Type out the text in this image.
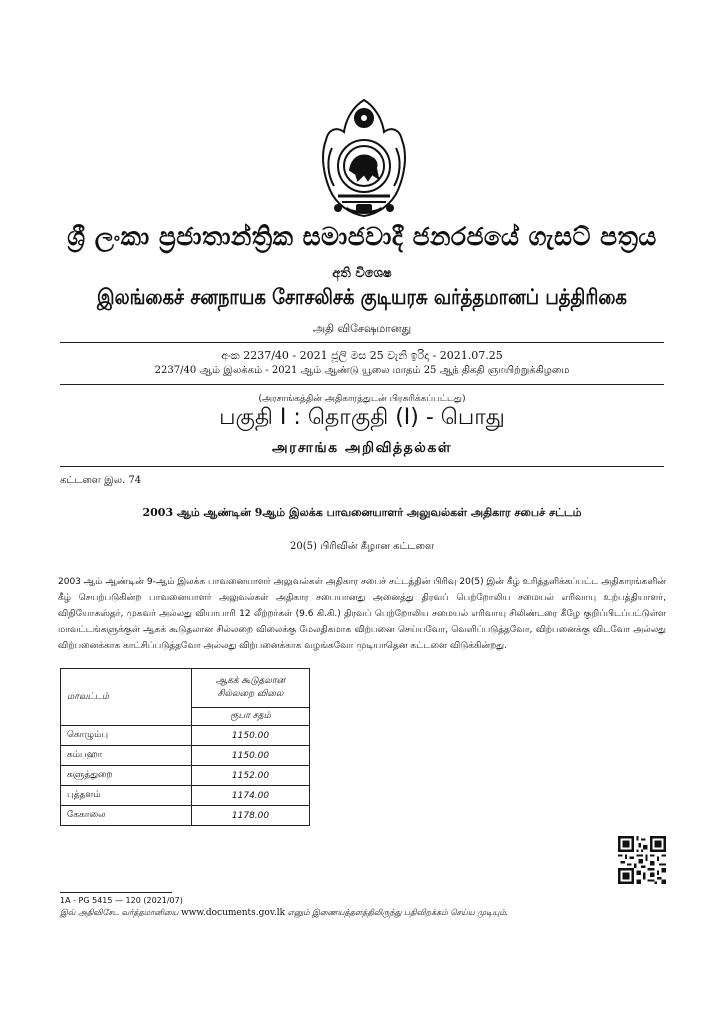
ශ්‍රී ලංකා ප්‍රජාතාන්ත්‍රික සමාජවාදී ජනරජයේ ගැසට් පත්‍රය
අති විශෙෂ
இலங்கைச் சனநாயக சோசலிசக் குடியரசு வர்த்தமானப் பத்திரிகை
அதி விசேஷமானது
අංක 2237/40 - 2021 ජූලි මස 25 වැනි ඉරිදා - 2021.07.25
2237/40 ஆம் இலக்கம் - 2021 ஆம் ஆண்டு யூலை மாதம் 25 ஆந் திகதி ஞாயிற்றுக்கிழமை
(அரசாங்கத்தின் அதிகாரத்துடன் பிரசுரிக்கப்பட்டது)
பகுதி I : தொகுதி (I) - பொது
அரசாங்க அறிவித்தல்கள்
கட்டளை இல. 74
2003 ஆம் ஆண்டின் 9ஆம் இலக்க பாவனையாளர் அலுவல்கள் அதிகார சபைச் சட்டம்
20(5) பிரிவின் கீழான கட்டளை
2003 ஆம் ஆண்டின் 9-ஆம் இலக்க பாவனையாளர் அலுவல்கள் அதிகார சபைச் சட்டத்தின் பிரிவு 20(5) இன் கீழ் உரித்தளிக்கப்பட்ட அதிகாரங்களின் கீழ் செயற்படுகின்ற பாவனையாளர் அலுவல்கள் அதிகார சபையானது அனைத்து திரவப் பெற்றோலிய சமையல் எரிவாயு உற்பத்தியாளர், விநியோகஸ்தர், முகவர் அல்லது வியாபாரி 12 லீற்றர்கள் (9.6 கி.கி.) திரவப் பெற்றோலிய சமையல் எரிவாயு சிலிண்டரை கீழே குறிப்பிடப்பட்டுள்ள மாவட்டங்களுக்குள் ஆகக் கூடுதலான சில்லறை விலைக்கு மேலதிகமாக விற்பனை செய்யவோ, வெளிப்படுத்தவோ, விற்பனைக்கு விடவோ அல்லது விற்பனைக்காக காட்சிப்படுத்தவோ அல்லது விற்பனைக்காக வழங்கவோ முடியாதென கட்டளை விடுக்கின்றது.
மாவட்டம்	ஆகக் கூடுதலான
சில்லறை விலை

	ரூபா சதம்
கொழும்பு	1150.00
கம்பஹா	1150.00
களுத்துறை	1152.00
புத்தளம்	1174.00
கேகாலை	1178.00
1A - PG 5415 — 120 (2021/07)
இவ் அதிவிசேட வர்த்தமானியை www.documents.gov.lk எனும் இணையத்தளத்திலிருந்து பதிவிறக்கம் செய்ய முடியும்.
